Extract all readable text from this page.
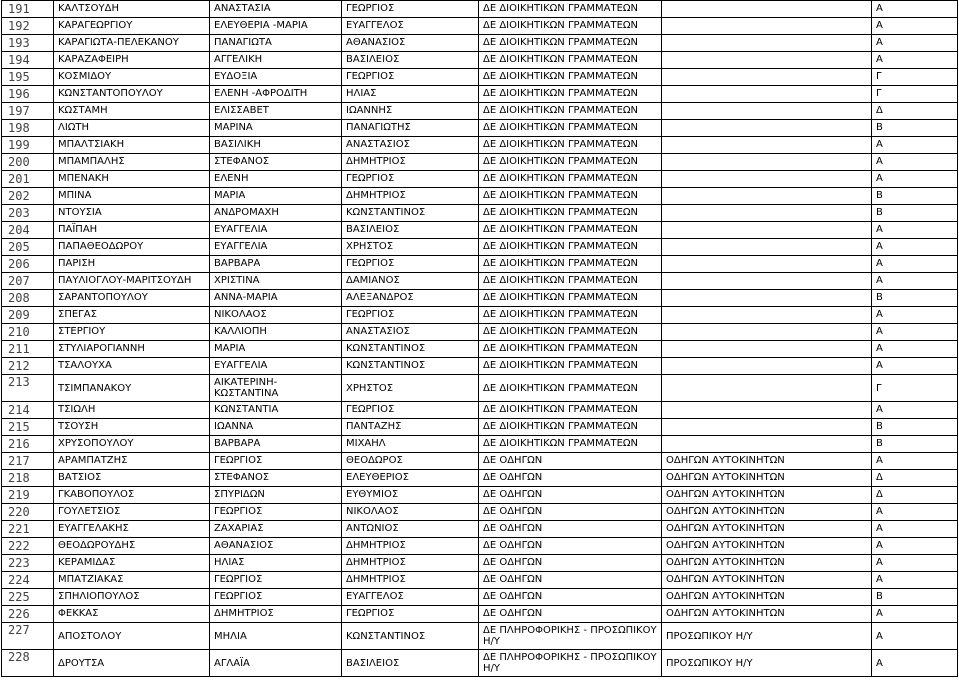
191	ΚΑΛΤΣΟΥΔΗ	ΑΝΑΣΤΑΣΙΑ	ΓΕΩΡΓΙΟΣ	ΔΕ ΔΙΟΙΚΗΤΙΚΩΝ ΓΡΑΜΜΑΤΕΩΝ		Α
192	ΚΑΡΑΓΕΩΡΓΙΟΥ	ΕΛΕΥΘΕΡΙΑ -ΜΑΡΙΑ	ΕΥΑΓΓΕΛΟΣ	ΔΕ ΔΙΟΙΚΗΤΙΚΩΝ ΓΡΑΜΜΑΤΕΩΝ		Α
193	ΚΑΡΑΓΙΩΤΑ-ΠΕΛΕΚΑΝΟΥ	ΠΑΝΑΓΙΩΤΑ	ΑΘΑΝΑΣΙΟΣ	ΔΕ ΔΙΟΙΚΗΤΙΚΩΝ ΓΡΑΜΜΑΤΕΩΝ		Α
194	ΚΑΡΑΖΑΦΕΙΡΗ	ΑΓΓΕΛΙΚΗ	ΒΑΣΙΛΕΙΟΣ	ΔΕ ΔΙΟΙΚΗΤΙΚΩΝ ΓΡΑΜΜΑΤΕΩΝ		Α
195	ΚΟΣΜΙΔΟΥ	ΕΥΔΟΞΙΑ	ΓΕΩΡΓΙΟΣ	ΔΕ ΔΙΟΙΚΗΤΙΚΩΝ ΓΡΑΜΜΑΤΕΩΝ		Γ
196	ΚΩΝΣΤΑΝΤΟΠΟΥΛΟΥ	ΕΛΕΝΗ -ΑΦΡΟΔΙΤΗ	ΗΛΙΑΣ	ΔΕ ΔΙΟΙΚΗΤΙΚΩΝ ΓΡΑΜΜΑΤΕΩΝ		Γ
197	ΚΩΣΤΑΜΗ	ΕΛΙΣΣΑΒΕΤ	ΙΩΑΝΝΗΣ	ΔΕ ΔΙΟΙΚΗΤΙΚΩΝ ΓΡΑΜΜΑΤΕΩΝ		Δ
198	ΛΙΩΤΗ	ΜΑΡΙΝΑ	ΠΑΝΑΓΙΩΤΗΣ	ΔΕ ΔΙΟΙΚΗΤΙΚΩΝ ΓΡΑΜΜΑΤΕΩΝ		Β
199	ΜΠΑΛΤΣΙΑΚΗ	ΒΑΣΙΛΙΚΗ	ΑΝΑΣΤΑΣΙΟΣ	ΔΕ ΔΙΟΙΚΗΤΙΚΩΝ ΓΡΑΜΜΑΤΕΩΝ		Α
200	ΜΠΑΜΠΑΛΗΣ	ΣΤΕΦΑΝΟΣ	ΔΗΜΗΤΡΙΟΣ	ΔΕ ΔΙΟΙΚΗΤΙΚΩΝ ΓΡΑΜΜΑΤΕΩΝ		Α
201	ΜΠΕΝΑΚΗ	ΕΛΕΝΗ	ΓΕΩΡΓΙΟΣ	ΔΕ ΔΙΟΙΚΗΤΙΚΩΝ ΓΡΑΜΜΑΤΕΩΝ		Α
202	ΜΠΙΝΑ	ΜΑΡΙΑ	ΔΗΜΗΤΡΙΟΣ	ΔΕ ΔΙΟΙΚΗΤΙΚΩΝ ΓΡΑΜΜΑΤΕΩΝ		Β
203	ΝΤΟΥΣΙΑ	ΑΝΔΡΟΜΑΧΗ	ΚΩΝΣΤΑΝΤΙΝΟΣ	ΔΕ ΔΙΟΙΚΗΤΙΚΩΝ ΓΡΑΜΜΑΤΕΩΝ		Β
204	ΠΑΪΠΑΗ	ΕΥΑΓΓΕΛΙΑ	ΒΑΣΙΛΕΙΟΣ	ΔΕ ΔΙΟΙΚΗΤΙΚΩΝ ΓΡΑΜΜΑΤΕΩΝ		Α
205	ΠΑΠΑΘΕΟΔΩΡΟΥ	ΕΥΑΓΓΕΛΙΑ	ΧΡΗΣΤΟΣ	ΔΕ ΔΙΟΙΚΗΤΙΚΩΝ ΓΡΑΜΜΑΤΕΩΝ		Α
206	ΠΑΡΙΣΗ	ΒΑΡΒΑΡΑ	ΓΕΩΡΓΙΟΣ	ΔΕ ΔΙΟΙΚΗΤΙΚΩΝ ΓΡΑΜΜΑΤΕΩΝ		Α
207	ΠΑΥΛΙΟΓΛΟΥ-ΜΑΡΙΤΣΟΥΔΗ	ΧΡΙΣΤΙΝΑ	ΔΑΜΙΑΝΟΣ	ΔΕ ΔΙΟΙΚΗΤΙΚΩΝ ΓΡΑΜΜΑΤΕΩΝ		Α
208	ΣΑΡΑΝΤΟΠΟΥΛΟΥ	ΑΝΝΑ-ΜΑΡΙΑ	ΑΛΕΞΑΝΔΡΟΣ	ΔΕ ΔΙΟΙΚΗΤΙΚΩΝ ΓΡΑΜΜΑΤΕΩΝ		Β
209	ΣΠΕΓΑΣ	ΝΙΚΟΛΑΟΣ	ΓΕΩΡΓΙΟΣ	ΔΕ ΔΙΟΙΚΗΤΙΚΩΝ ΓΡΑΜΜΑΤΕΩΝ		Α
210	ΣΤΕΡΓΙΟΥ	ΚΑΛΛΙΟΠΗ	ΑΝΑΣΤΑΣΙΟΣ	ΔΕ ΔΙΟΙΚΗΤΙΚΩΝ ΓΡΑΜΜΑΤΕΩΝ		Α
211	ΣΤΥΛΙΑΡΟΓΙΑΝΝΗ	ΜΑΡΙΑ	ΚΩΝΣΤΑΝΤΙΝΟΣ	ΔΕ ΔΙΟΙΚΗΤΙΚΩΝ ΓΡΑΜΜΑΤΕΩΝ		Α
212	ΤΣΑΛΟΥΧΑ	ΕΥΑΓΓΕΛΙΑ	ΚΩΝΣΤΑΝΤΙΝΟΣ	ΔΕ ΔΙΟΙΚΗΤΙΚΩΝ ΓΡΑΜΜΑΤΕΩΝ		Α
213	ΤΣΙΜΠΑΝΑΚΟΥ	ΑΙΚΑΤΕΡΙΝΗ-ΚΩΣΤΑΝΤΙΝΑ	ΧΡΗΣΤΟΣ	ΔΕ ΔΙΟΙΚΗΤΙΚΩΝ ΓΡΑΜΜΑΤΕΩΝ		Γ
214	ΤΣΙΩΛΗ	ΚΩΝΣΤΑΝΤΙΑ	ΓΕΩΡΓΙΟΣ	ΔΕ ΔΙΟΙΚΗΤΙΚΩΝ ΓΡΑΜΜΑΤΕΩΝ		Α
215	ΤΣΟΥΣΗ	ΙΩΑΝΝΑ	ΠΑΝΤΑΖΗΣ	ΔΕ ΔΙΟΙΚΗΤΙΚΩΝ ΓΡΑΜΜΑΤΕΩΝ		Β
216	ΧΡΥΣΟΠΟΥΛΟΥ	ΒΑΡΒΑΡΑ	ΜΙΧΑΗΛ	ΔΕ ΔΙΟΙΚΗΤΙΚΩΝ ΓΡΑΜΜΑΤΕΩΝ		Β
217	ΑΡΑΜΠΑΤΖΗΣ	ΓΕΩΡΓΙΟΣ	ΘΕΟΔΩΡΟΣ	ΔΕ ΟΔΗΓΩΝ	ΟΔΗΓΩΝ ΑΥΤΟΚΙΝΗΤΩΝ	Α
218	ΒΑΤΣΙΟΣ	ΣΤΕΦΑΝΟΣ	ΕΛΕΥΘΕΡΙΟΣ	ΔΕ ΟΔΗΓΩΝ	ΟΔΗΓΩΝ ΑΥΤΟΚΙΝΗΤΩΝ	Δ
219	ΓΚΑΒΟΠΟΥΛΟΣ	ΣΠΥΡΙΔΩΝ	ΕΥΘΥΜΙΟΣ	ΔΕ ΟΔΗΓΩΝ	ΟΔΗΓΩΝ ΑΥΤΟΚΙΝΗΤΩΝ	Δ
220	ΓΟΥΛΕΤΣΙΟΣ	ΓΕΩΡΓΙΟΣ	ΝΙΚΟΛΑΟΣ	ΔΕ ΟΔΗΓΩΝ	ΟΔΗΓΩΝ ΑΥΤΟΚΙΝΗΤΩΝ	Α
221	ΕΥΑΓΓΕΛΑΚΗΣ	ΖΑΧΑΡΙΑΣ	ΑΝΤΩΝΙΟΣ	ΔΕ ΟΔΗΓΩΝ	ΟΔΗΓΩΝ ΑΥΤΟΚΙΝΗΤΩΝ	Α
222	ΘΕΟΔΩΡΟΥΔΗΣ	ΑΘΑΝΑΣΙΟΣ	ΔΗΜΗΤΡΙΟΣ	ΔΕ ΟΔΗΓΩΝ	ΟΔΗΓΩΝ ΑΥΤΟΚΙΝΗΤΩΝ	Α
223	ΚΕΡΑΜΙΔΑΣ	ΗΛΙΑΣ	ΔΗΜΗΤΡΙΟΣ	ΔΕ ΟΔΗΓΩΝ	ΟΔΗΓΩΝ ΑΥΤΟΚΙΝΗΤΩΝ	Α
224	ΜΠΑΤΖΙΑΚΑΣ	ΓΕΩΡΓΙΟΣ	ΔΗΜΗΤΡΙΟΣ	ΔΕ ΟΔΗΓΩΝ	ΟΔΗΓΩΝ ΑΥΤΟΚΙΝΗΤΩΝ	Α
225	ΣΠΗΛΙΟΠΟΥΛΟΣ	ΓΕΩΡΓΙΟΣ	ΕΥΑΓΓΕΛΟΣ	ΔΕ ΟΔΗΓΩΝ	ΟΔΗΓΩΝ ΑΥΤΟΚΙΝΗΤΩΝ	Β
226	ΦΕΚΚΑΣ	ΔΗΜΗΤΡΙΟΣ	ΓΕΩΡΓΙΟΣ	ΔΕ ΟΔΗΓΩΝ	ΟΔΗΓΩΝ ΑΥΤΟΚΙΝΗΤΩΝ	Α
227	ΑΠΟΣΤΟΛΟΥ	ΜΗΛΙΑ	ΚΩΝΣΤΑΝΤΙΝΟΣ	ΔΕ ΠΛΗΡΟΦΟΡΙΚΗΣ - ΠΡΟΣΩΠΙΚΟΥ Η/Υ	ΠΡΟΣΩΠΙΚΟΥ Η/Υ	Α
228	ΔΡΟΥΤΣΑ	ΑΓΛΑΪΑ	ΒΑΣΙΛΕΙΟΣ	ΔΕ ΠΛΗΡΟΦΟΡΙΚΗΣ - ΠΡΟΣΩΠΙΚΟΥ Η/Υ	ΠΡΟΣΩΠΙΚΟΥ Η/Υ	Α
